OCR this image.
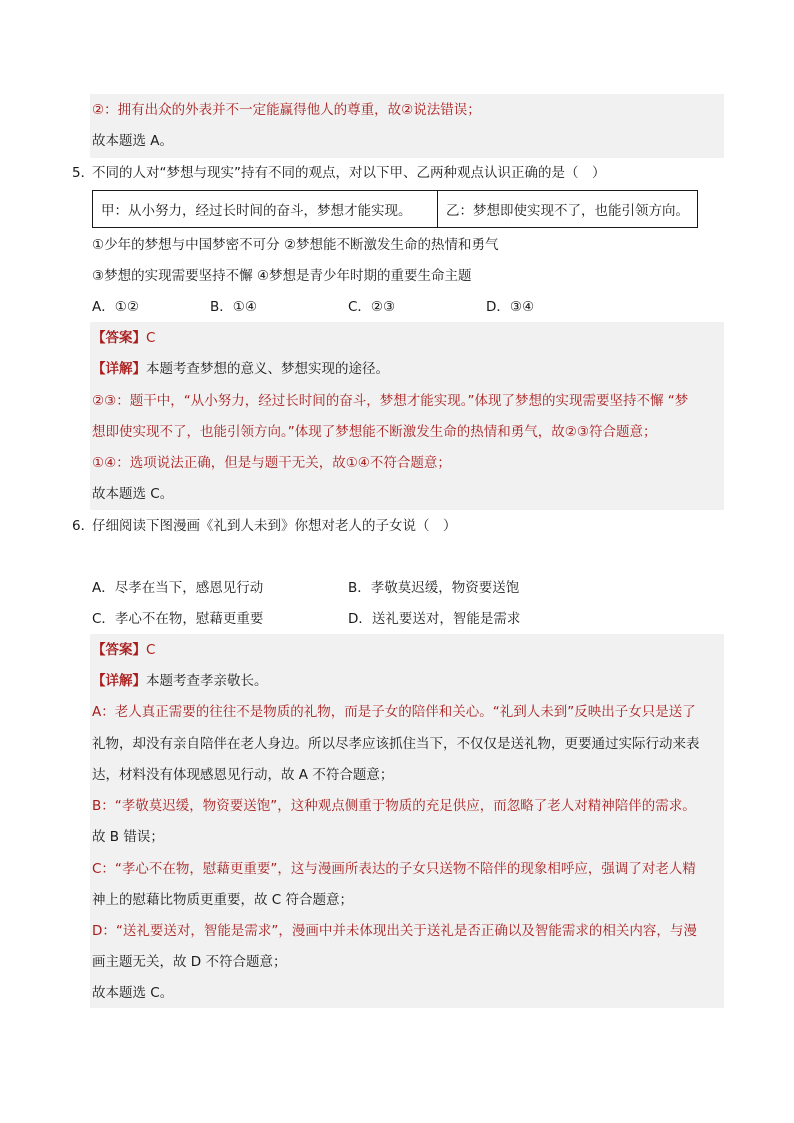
②：拥有出众的外表并不一定能赢得他人的尊重，故②说法错误；
故本题选 A。
5．
不同的人对“梦想与现实”持有不同的观点，对以下甲、乙两种观点认识正确的是（　）
甲：从小努力，经过长时间的奋斗，梦想才能实现。	乙：梦想即使实现不了，也能引领方向。
①少年的梦想与中国梦密不可分 ②梦想能不断激发生命的热情和勇气
③梦想的实现需要坚持不懈 ④梦想是青少年时期的重要生命主题
A．①②	B．①④	C．②③	D．③④
【答案】C
【详解】本题考查梦想的意义、梦想实现的途径。
②③：题干中，“从小努力，经过长时间的奋斗，梦想才能实现。”体现了梦想的实现需要坚持不懈 “梦
想即使实现不了，也能引领方向。”体现了梦想能不断激发生命的热情和勇气，故②③符合题意；
①④：选项说法正确，但是与题干无关，故①④不符合题意；
故本题选 C。
6．
仔细阅读下图漫画《礼到人未到》你想对老人的子女说（　）
A．尽孝在当下，感恩见行动	B．孝敬莫迟缓，物资要送饱
C．孝心不在物，慰藉更重要	D．送礼要送对，智能是需求
【答案】C
【详解】本题考查孝亲敬长。
A：老人真正需要的往往不是物质的礼物，而是子女的陪伴和关心。“礼到人未到”反映出子女只是送了
礼物，却没有亲自陪伴在老人身边。所以尽孝应该抓住当下，不仅仅是送礼物，更要通过实际行动来表
达，材料没有体现感恩见行动，故 A 不符合题意；
B：“孝敬莫迟缓，物资要送饱”，这种观点侧重于物质的充足供应，而忽略了老人对精神陪伴的需求。
故 B 错误；
C：“孝心不在物，慰藉更重要”，这与漫画所表达的子女只送物不陪伴的现象相呼应，强调了对老人精
神上的慰藉比物质更重要，故 C 符合题意；
D：“送礼要送对，智能是需求”，漫画中并未体现出关于送礼是否正确以及智能需求的相关内容，与漫
画主题无关，故 D 不符合题意；
故本题选 C。
